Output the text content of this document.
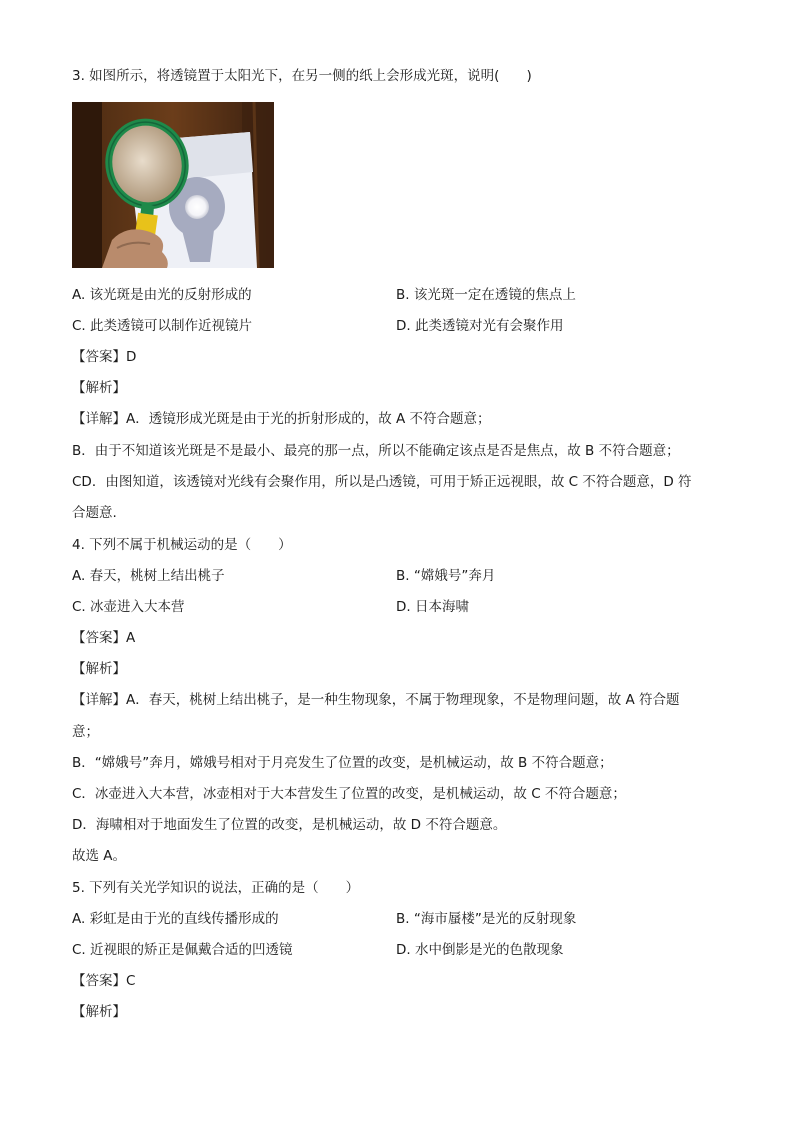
3. 如图所示，将透镜置于太阳光下，在另一侧的纸上会形成光斑，说明(　　)
A. 该光斑是由光的反射形成的	B. 该光斑一定在透镜的焦点上
C. 此类透镜可以制作近视镜片	D. 此类透镜对光有会聚作用
【答案】D
【解析】
【详解】A．透镜形成光斑是由于光的折射形成的，故 A 不符合题意；
B．由于不知道该光斑是不是最小、最亮的那一点，所以不能确定该点是否是焦点，故 B 不符合题意；
CD．由图知道，该透镜对光线有会聚作用，所以是凸透镜，可用于矫正远视眼，故 C 不符合题意，D 符
合题意.
4. 下列不属于机械运动的是（　　）
A. 春天，桃树上结出桃子	B. “嫦娥号”奔月
C. 冰壶进入大本营	D. 日本海啸
【答案】A
【解析】
【详解】A．春天，桃树上结出桃子，是一种生物现象，不属于物理现象，不是物理问题，故 A 符合题
意；
B．“嫦娥号”奔月，嫦娥号相对于月亮发生了位置的改变，是机械运动，故 B 不符合题意；
C．冰壶进入大本营，冰壶相对于大本营发生了位置的改变，是机械运动，故 C 不符合题意；
D．海啸相对于地面发生了位置的改变，是机械运动，故 D 不符合题意。
故选 A。
5. 下列有关光学知识的说法，正确的是（　　）
A. 彩虹是由于光的直线传播形成的	B. “海市蜃楼”是光的反射现象
C. 近视眼的矫正是佩戴合适的凹透镜	D. 水中倒影是光的色散现象
【答案】C
【解析】
